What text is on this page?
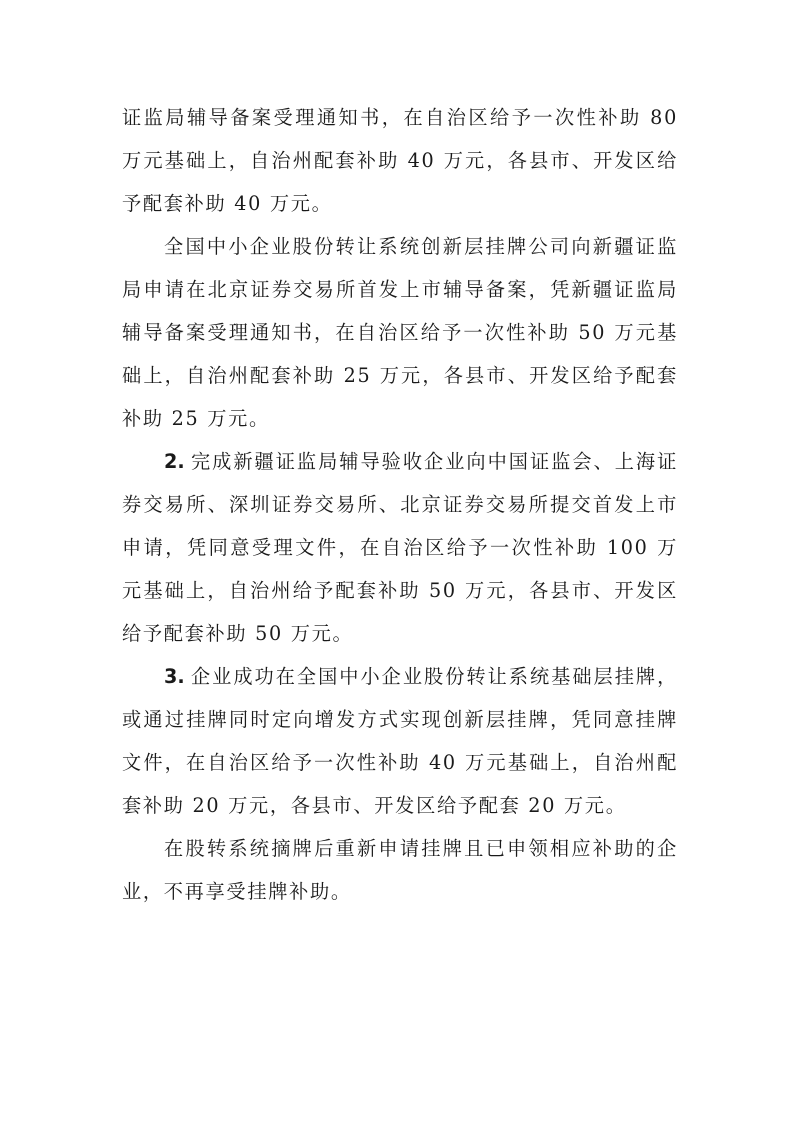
证监局辅导备案受理通知书，在自治区给予一次性补助 80 万元基础上，自治州配套补助 40 万元，各县市、开发区给予配套补助 40 万元。

全国中小企业股份转让系统创新层挂牌公司向新疆证监局申请在北京证券交易所首发上市辅导备案，凭新疆证监局辅导备案受理通知书，在自治区给予一次性补助 50 万元基础上，自治州配套补助 25 万元，各县市、开发区给予配套补助 25 万元。

2. 完成新疆证监局辅导验收企业向中国证监会、上海证券交易所、深圳证券交易所、北京证券交易所提交首发上市申请，凭同意受理文件，在自治区给予一次性补助 100 万元基础上，自治州给予配套补助 50 万元，各县市、开发区给予配套补助 50 万元。

3. 企业成功在全国中小企业股份转让系统基础层挂牌，或通过挂牌同时定向增发方式实现创新层挂牌，凭同意挂牌文件，在自治区给予一次性补助 40 万元基础上，自治州配套补助 20 万元，各县市、开发区给予配套 20 万元。

在股转系统摘牌后重新申请挂牌且已申领相应补助的企业，不再享受挂牌补助。
